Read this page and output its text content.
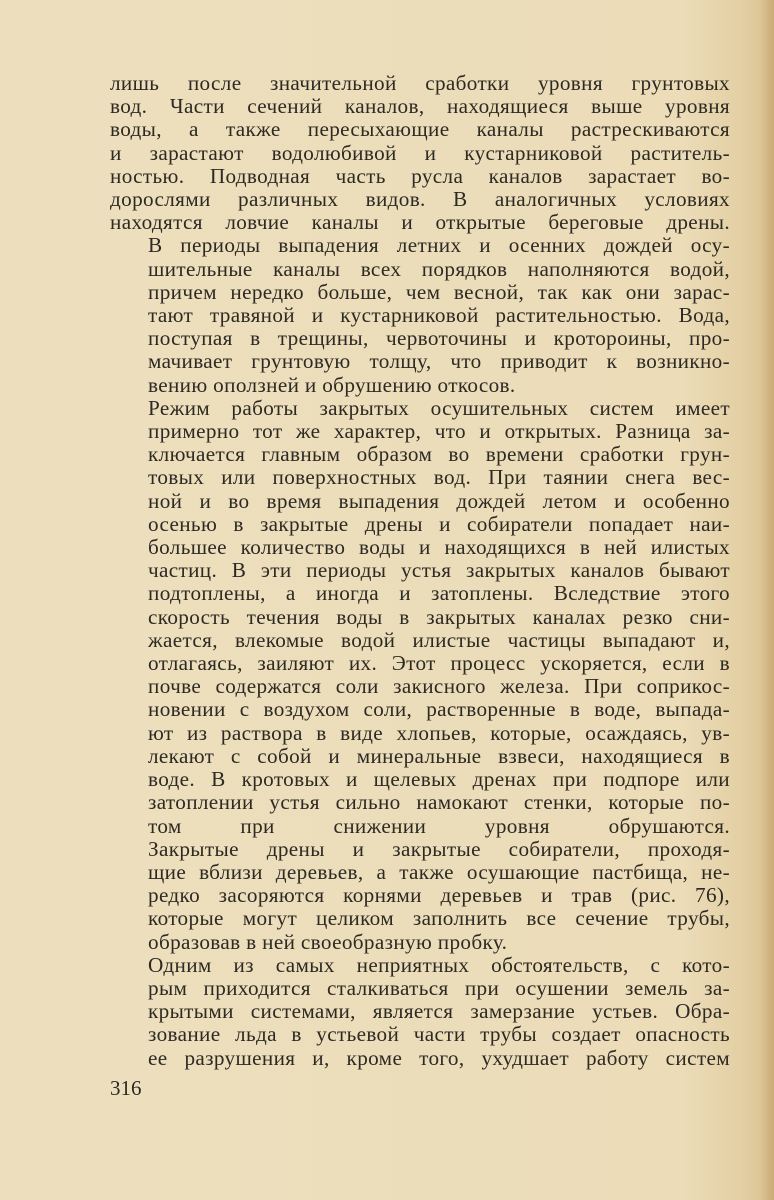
лишь после значительной сработки уровня грунтовых
вод. Части сечений каналов, находящиеся выше уровня
воды, а также пересыхающие каналы растрескиваются
и зарастают водолюбивой и кустарниковой раститель-
ностью. Подводная часть русла каналов зарастает во-
дорослями различных видов. В аналогичных условиях
находятся ловчие каналы и открытые береговые дрены.

В периоды выпадения летних и осенних дождей осу-
шительные каналы всех порядков наполняются водой,
причем нередко больше, чем весной, так как они зарас-
тают травяной и кустарниковой растительностью. Вода,
поступая в трещины, червоточины и кротороины, про-
мачивает грунтовую толщу, что приводит к возникно-
вению оползней и обрушению откосов.

Режим работы закрытых осушительных систем имеет
примерно тот же характер, что и открытых. Разница за-
ключается главным образом во времени сработки грун-
товых или поверхностных вод. При таянии снега вес-
ной и во время выпадения дождей летом и особенно
осенью в закрытые дрены и собиратели попадает наи-
большее количество воды и находящихся в ней илистых
частиц. В эти периоды устья закрытых каналов бывают
подтоплены, а иногда и затоплены. Вследствие этого
скорость течения воды в закрытых каналах резко сни-
жается, влекомые водой илистые частицы выпадают и,
отлагаясь, заиляют их. Этот процесс ускоряется, если в
почве содержатся соли закисного железа. При соприкос-
новении с воздухом соли, растворенные в воде, выпада-
ют из раствора в виде хлопьев, которые, осаждаясь, ув-
лекают с собой и минеральные взвеси, находящиеся в
воде. В кротовых и щелевых дренах при подпоре или
затоплении устья сильно намокают стенки, которые по-
том при снижении уровня обрушаются.

Закрытые дрены и закрытые собиратели, проходя-
щие вблизи деревьев, а также осушающие пастбища, не-
редко засоряются корнями деревьев и трав (рис. 76),
которые могут целиком заполнить все сечение трубы,
образовав в ней своеобразную пробку.

Одним из самых неприятных обстоятельств, с кото-
рым приходится сталкиваться при осушении земель за-
крытыми системами, является замерзание устьев. Обра-
зование льда в устьевой части трубы создает опасность
ее разрушения и, кроме того, ухудшает работу систем

316
